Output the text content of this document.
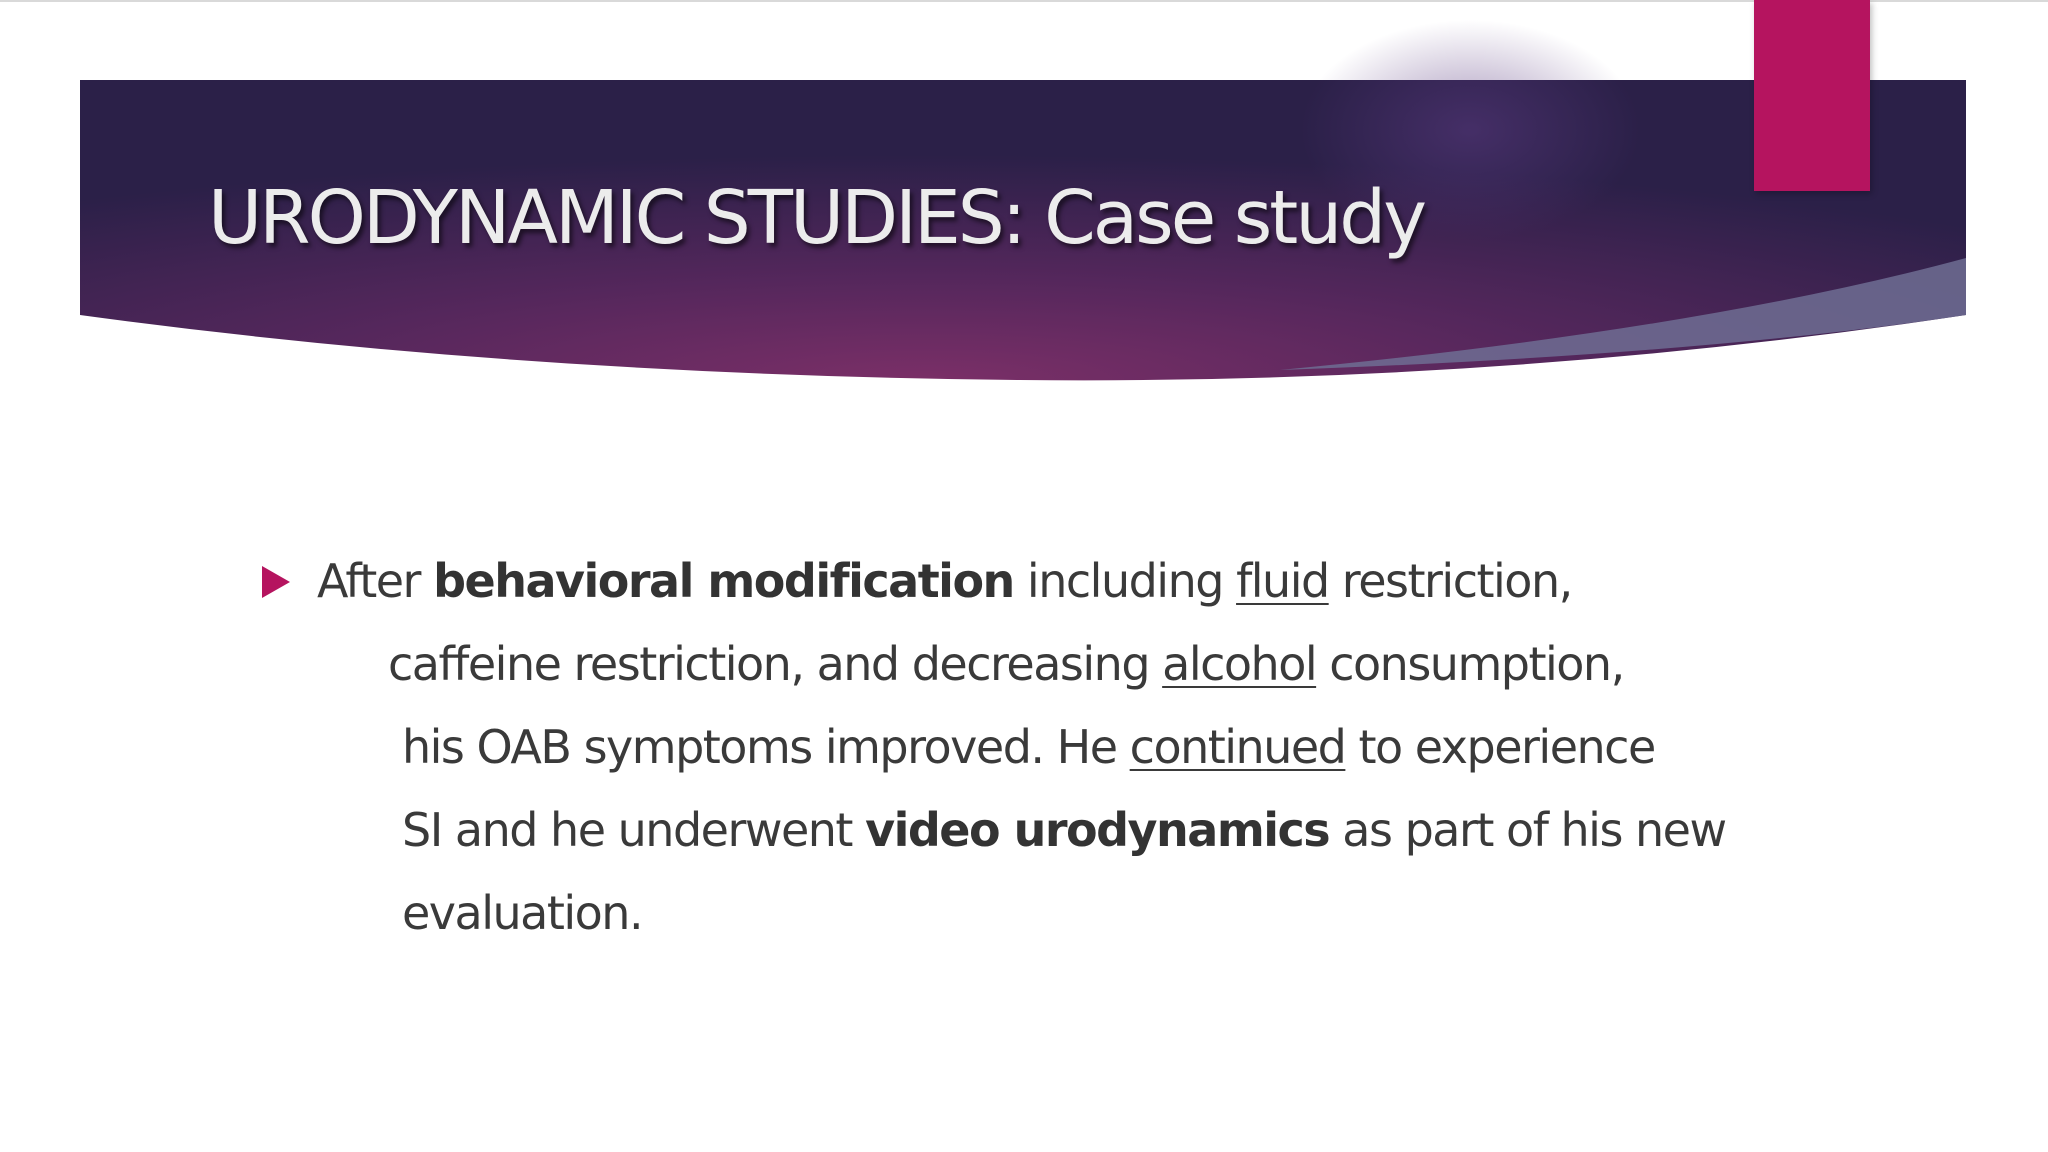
URODYNAMIC STUDIES: Case study

After behavioral modification including fluid restriction,

caffeine restriction, and decreasing alcohol consumption,

his OAB symptoms improved. He continued to experience

SI and he underwent video urodynamics as part of his new

evaluation.
